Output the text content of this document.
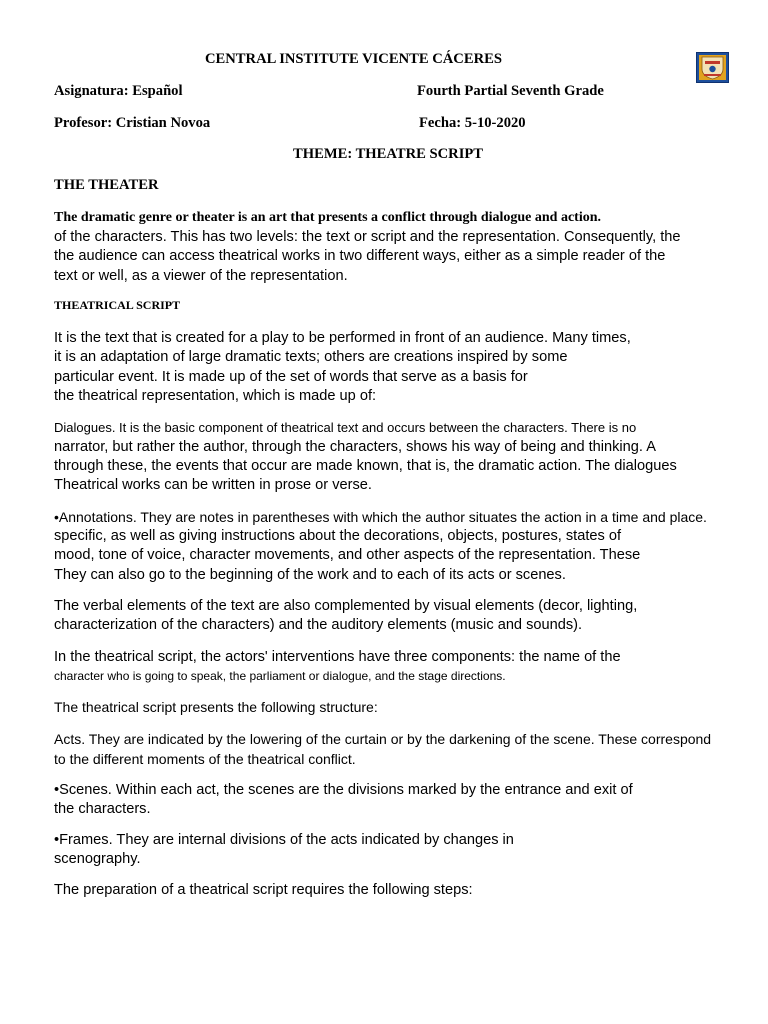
CENTRAL INSTITUTE VICENTE CÁCERES
Asignatura: Español	Fourth Partial Seventh Grade
Profesor: Cristian Novoa	Fecha: 5-10-2020
THEME: THEATRE SCRIPT
THE THEATER
The dramatic genre or theater is an art that presents a conflict through dialogue and action.
of the characters. This has two levels: the text or script and the representation. Consequently, the
the audience can access theatrical works in two different ways, either as a simple reader of the
text or well, as a viewer of the representation.
THEATRICAL SCRIPT
It is the text that is created for a play to be performed in front of an audience. Many times,
it is an adaptation of large dramatic texts; others are creations inspired by some
particular event. It is made up of the set of words that serve as a basis for
the theatrical representation, which is made up of:
Dialogues. It is the basic component of theatrical text and occurs between the characters. There is no
narrator, but rather the author, through the characters, shows his way of being and thinking. A
through these, the events that occur are made known, that is, the dramatic action. The dialogues
Theatrical works can be written in prose or verse.
•Annotations. They are notes in parentheses with which the author situates the action in a time and place.
specific, as well as giving instructions about the decorations, objects, postures, states of
mood, tone of voice, character movements, and other aspects of the representation. These
They can also go to the beginning of the work and to each of its acts or scenes.
The verbal elements of the text are also complemented by visual elements (decor, lighting,
characterization of the characters) and the auditory elements (music and sounds).
In the theatrical script, the actors' interventions have three components: the name of the
character who is going to speak, the parliament or dialogue, and the stage directions.
The theatrical script presents the following structure:
Acts. They are indicated by the lowering of the curtain or by the darkening of the scene. These correspond
to the different moments of the theatrical conflict.
•Scenes. Within each act, the scenes are the divisions marked by the entrance and exit of
the characters.
•Frames. They are internal divisions of the acts indicated by changes in
scenography.
The preparation of a theatrical script requires the following steps:
